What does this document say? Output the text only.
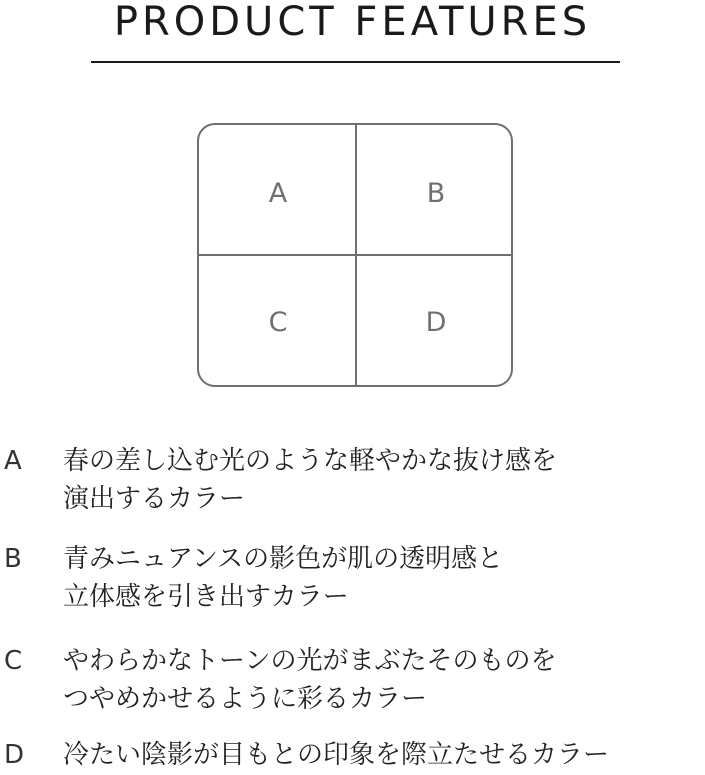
PRODUCT FEATURES
A	B
C	D
A 春の差し込む光のような軽やかな抜け感を
演出するカラー
B 青みニュアンスの影色が肌の透明感と
立体感を引き出すカラー
C やわらかなトーンの光がまぶたそのものを
つやめかせるように彩るカラー
D 冷たい陰影が目もとの印象を際立たせるカラー
